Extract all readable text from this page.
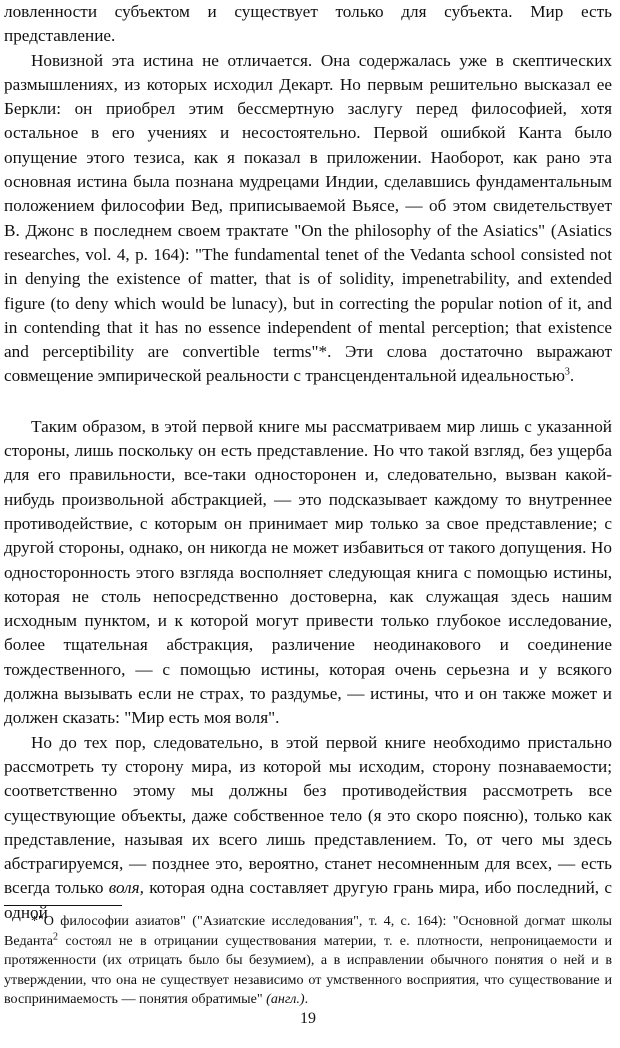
ловленности субъектом и существует только для субъекта. Мир есть представление.

Новизной эта истина не отличается. Она содержалась уже в скептических размышлениях, из которых исходил Декарт. Но первым решительно высказал ее Беркли: он приобрел этим бессмертную заслугу перед философией, хотя остальное в его учениях и несостоятельно. Первой ошибкой Канта было опущение этого тезиса, как я показал в приложении. Наоборот, как рано эта основная истина была познана мудрецами Индии, сделавшись фундаментальным положением философии Вед, приписываемой Вьясе, — об этом свидетельствует В. Джонс в последнем своем трактате "On the philosophy of the Asiatics" (Asiatics researches, vol. 4, p. 164): "The fundamental tenet of the Vedanta school consisted not in denying the existence of matter, that is of solidity, impenetrability, and extended figure (to deny which would be lunacy), but in correcting the popular notion of it, and in contending that it has no essence independent of mental perception; that existence and perceptibility are convertible terms"*. Эти слова достаточно выражают совмещение эмпирической реальности с трансцендентальной идеальностью$^3$.

Таким образом, в этой первой книге мы рассматриваем мир лишь с указанной стороны, лишь поскольку он есть представление. Но что такой взгляд, без ущерба для его правильности, все-таки односторонен и, следовательно, вызван какой-нибудь произвольной абстракцией, — это подсказывает каждому то внутреннее противодействие, с которым он принимает мир только за свое представление; с другой стороны, однако, он никогда не может избавиться от такого допущения. Но односторонность этого взгляда восполняет следующая книга с помощью истины, которая не столь непосредственно достоверна, как служащая здесь нашим исходным пунктом, и к которой могут привести только глубокое исследование, более тщательная абстракция, различение неодинакового и соединение тождественного, — с помощью истины, которая очень серьезна и у всякого должна вызывать если не страх, то раздумье, — истины, что и он также может и должен сказать: "Мир есть моя воля".

Но до тех пор, следовательно, в этой первой книге необходимо пристально рассмотреть ту сторону мира, из которой мы исходим, сторону познаваемости; соответственно этому мы должны без противодействия рассмотреть все существующие объекты, даже собственное тело (я это скоро поясню), только как представление, называя их всего лишь представлением. То, от чего мы здесь абстрагируемся, — позднее это, вероятно, станет несомненным для всех, — есть всегда только воля, которая одна составляет другую грань мира, ибо последний, с одной

*"О философии азиатов" ("Азиатские исследования", т. 4, с. 164): "Основной догмат школы Веданта$^2$ состоял не в отрицании существования материи, т. е. плотности, непроницаемости и протяженности (их отрицать было бы безумием), а в исправлении обычного понятия о ней и в утверждении, что она не существует независимо от умственного восприятия, что существование и воспринимаемость — понятия обратимые" (англ.).

19
